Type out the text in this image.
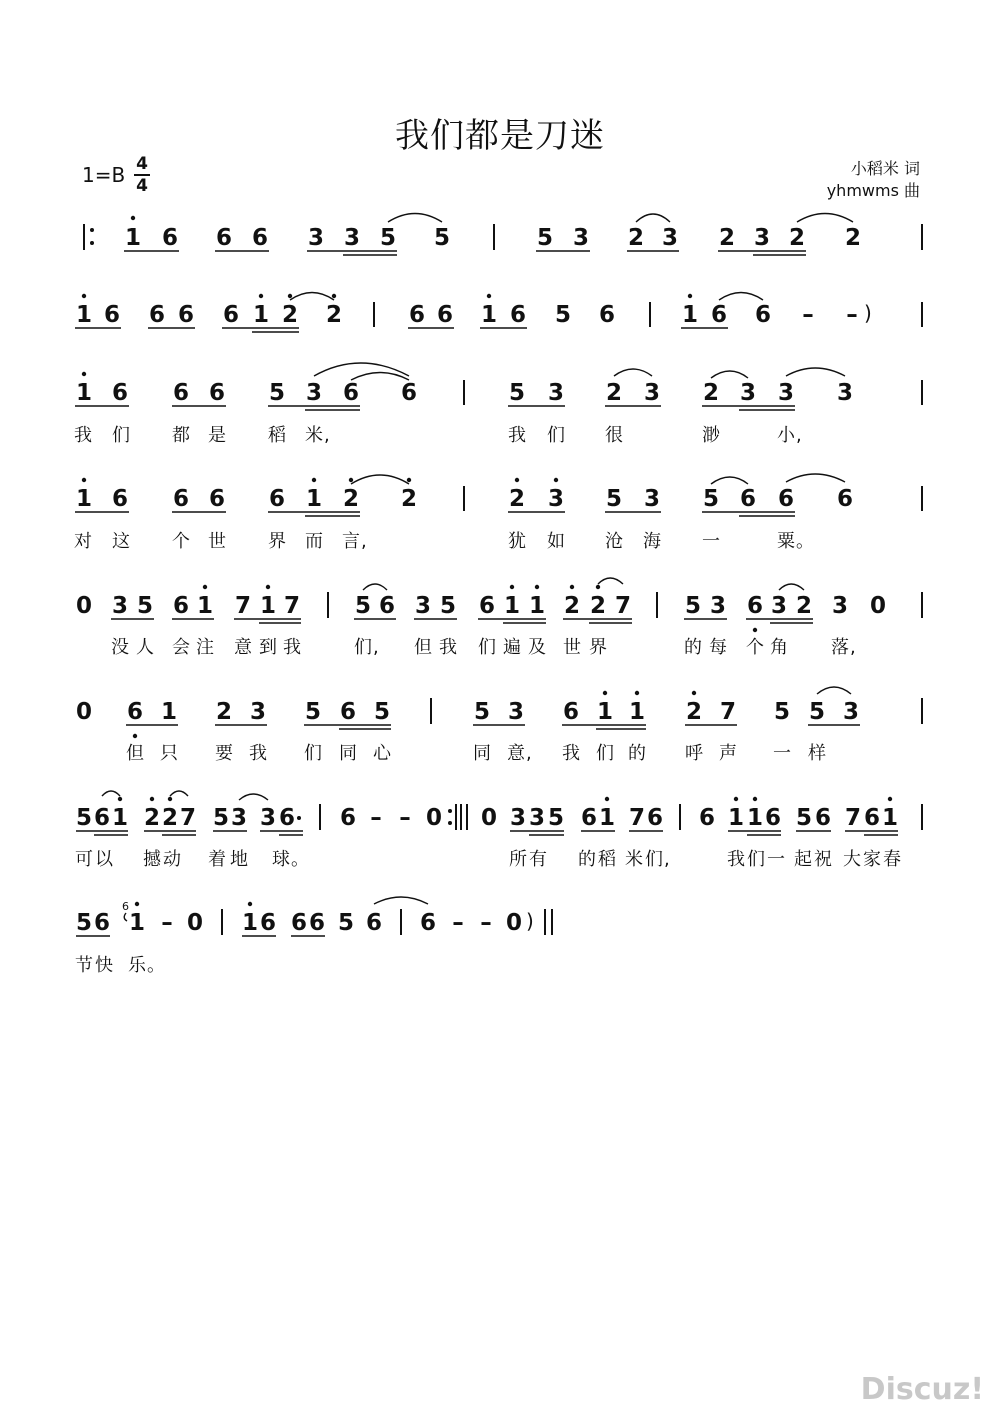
我们都是刀迷
1=B 4
4
小稻米 词
yhmwms 曲
1 6 6 6 3 3 5 5	5 3 2 3 2 3 2 2
1 6 6 6 6 1 2 2	6 6 1 6 5 6	1 6 6 – – )
1 6 6 6 5 3 6 6	5 3 2 3 2 3 3 3
1 6 6 6 6 1 2 2	2 3 5 3 5 6 6 6
0 3 5 6 1 7 1 7 5 6 3 5 6 1 1 2 2 7 5 3 6 3 2 3 0
0 6 1 2 3 5 6 5	5 3 6 1 1 2 7 5 5 3
5 6 1 2 2 7 5 3 3 6 6 – – 0 0 3 3 5 6 1 7 6 6 1 1 6 5 6 7 6 1
5 6
6
1 – 0 1 6 6 6 5 6 6 – – 0 )
我 们 都 是 稻 米,	我 们 很	渺	小,
对 这 个 世 界 而 言,	犹 如 沧 海 一	粟。
没 人 会 注 意 到 我	们, 但 我 们 遍 及 世 界	的 每 个 角 落,
但 只 要 我 们 同 心	同 意, 我 们 的 呼 声 一 样
可 以 撼 动 着 地 球。	所 有 的 稻 米 们,	我 们 一 起 祝 大 家 春
节 快 乐。
Discuz!
